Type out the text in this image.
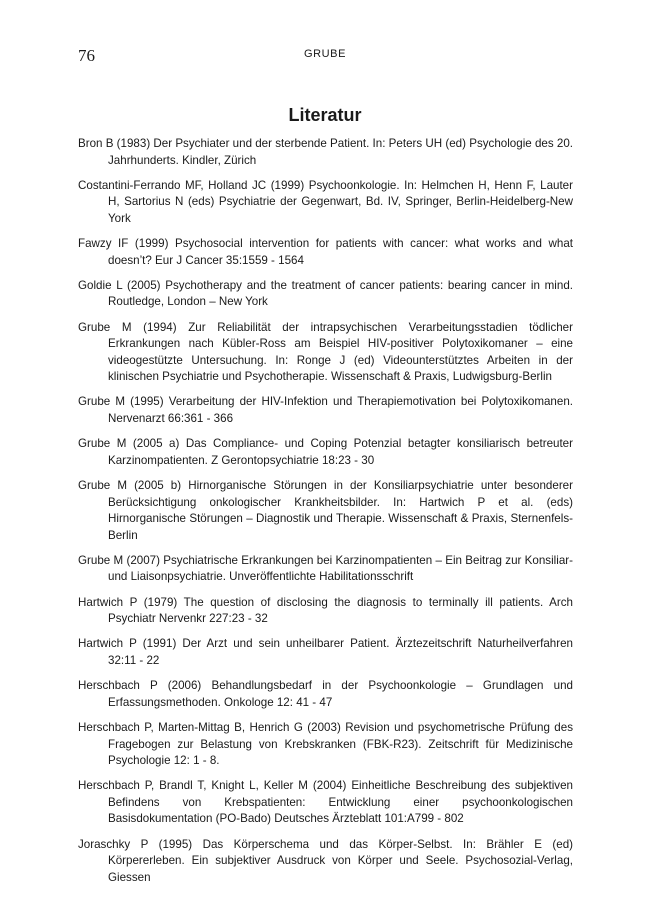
76	GRUBE
Literatur
Bron B (1983) Der Psychiater und der sterbende Patient. In: Peters UH (ed) Psychologie des 20. Jahrhunderts. Kindler, Zürich
Costantini-Ferrando MF, Holland JC (1999) Psychoonkologie. In: Helmchen H, Henn F, Lauter H, Sartorius N (eds) Psychiatrie der Gegenwart, Bd. IV, Springer, Berlin-Heidelberg-New York
Fawzy IF (1999) Psychosocial intervention for patients with cancer: what works and what doesn’t? Eur J Cancer 35:1559 - 1564
Goldie L (2005) Psychotherapy and the treatment of cancer patients: bearing cancer in mind. Routledge, London – New York
Grube M (1994) Zur Reliabilität der intrapsychischen Verarbeitungsstadien tödlicher Erkrankungen nach Kübler-Ross am Beispiel HIV-positiver Polytoxikomaner – eine videogestützte Untersuchung. In: Ronge J (ed) Videounterstütztes Arbeiten in der klinischen Psychiatrie und Psychotherapie. Wissenschaft & Praxis, Ludwigsburg-Berlin
Grube M (1995) Verarbeitung der HIV-Infektion und Therapiemotivation bei Polytoxikomanen. Nervenarzt 66:361 - 366
Grube M (2005 a) Das Compliance- und Coping Potenzial betagter konsiliarisch betreuter Karzinompatienten. Z Gerontopsychiatrie 18:23 - 30
Grube M (2005 b) Hirnorganische Störungen in der Konsiliarpsychiatrie unter besonderer Berücksichtigung onkologischer Krankheitsbilder. In: Hartwich P et al. (eds) Hirnorganische Störungen – Diagnostik und Therapie. Wissenschaft & Praxis, Sternenfels-Berlin
Grube M (2007) Psychiatrische Erkrankungen bei Karzinompatienten – Ein Beitrag zur Konsiliar- und Liaisonpsychiatrie. Unveröffentlichte Habilitationsschrift
Hartwich P (1979) The question of disclosing the diagnosis to terminally ill patients. Arch Psychiatr Nervenkr 227:23 - 32
Hartwich P (1991) Der Arzt und sein unheilbarer Patient. Ärztezeitschrift Naturheilverfahren 32:11 - 22
Herschbach P (2006) Behandlungsbedarf in der Psychoonkologie – Grundlagen und Erfassungsmethoden. Onkologe 12: 41 - 47
Herschbach P, Marten-Mittag B, Henrich G (2003) Revision und psychometrische Prüfung des Fragebogen zur Belastung von Krebskranken (FBK-R23). Zeitschrift für Medizinische Psychologie 12: 1 - 8.
Herschbach P, Brandl T, Knight L, Keller M (2004) Einheitliche Beschreibung des subjektiven Befindens von Krebspatienten: Entwicklung einer psychoonkologischen Basisdokumentation (PO-Bado) Deutsches Ärzteblatt 101:A799 - 802
Joraschky P (1995) Das Körperschema und das Körper-Selbst. In: Brähler E (ed) Körpererleben. Ein subjektiver Ausdruck von Körper und Seele. Psychosozial-Verlag, Giessen
